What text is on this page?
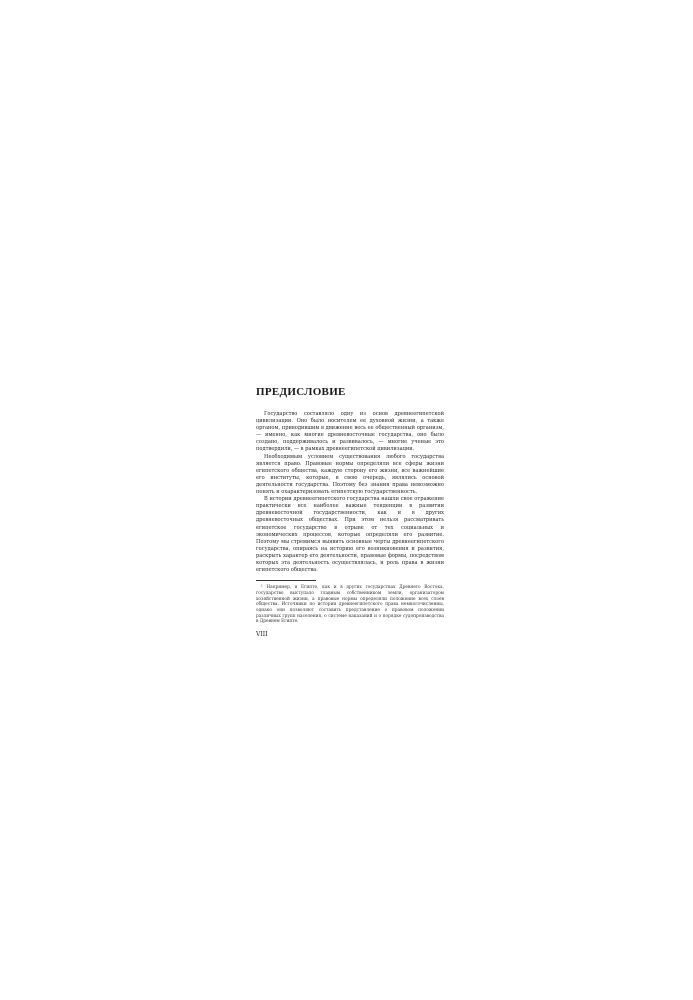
ПРЕДИСЛОВИЕ

Государство составляло одну из основ древнеегипетской цивилизации. Оно было носителем ее духовной жизни, а также органом, приводившим в движение весь ее общественный организм, — именно, как многие древневосточные государства, оно было создано, поддерживалось и развивалось, — многие ученые это подтвердили, — в рамках древнеегипетской цивилизации.

Необходимым условием существования любого государства является право. Правовые нормы определяли все сферы жизни египетского общества, каждую сторону его жизни, все важнейшие его институты, которые, в свою очередь, являлись основой деятельности государства. Поэтому без знания права невозможно понять и охарактеризовать египетскую государственность.

В истории древнеегипетского государства нашли свое отражение практически все наиболее важные тенденции в развитии древневосточной государственности, как и в других древневосточных обществах. При этом нельзя рассматривать египетское государство в отрыве от тех социальных и экономических процессов, которые определяли его развитие. Поэтому мы стремимся выявить основные черты древнеегипетского государства, опираясь на историю его возникновения и развития, раскрыть характер его деятельности, правовые формы, посредством которых эта деятельность осуществлялась, и роль права в жизни египетского общества.

¹ Например, в Египте, как и в других государствах Древнего Востока, государство выступало главным собственником земли, организатором хозяйственной жизни, а правовые нормы определяли положение всех слоев общества. Источники по истории древнеегипетского права немногочисленны, однако они позволяют составить представление о правовом положении различных групп населения, о системе наказаний и о порядке судопроизводства в Древнем Египте.

VIII
